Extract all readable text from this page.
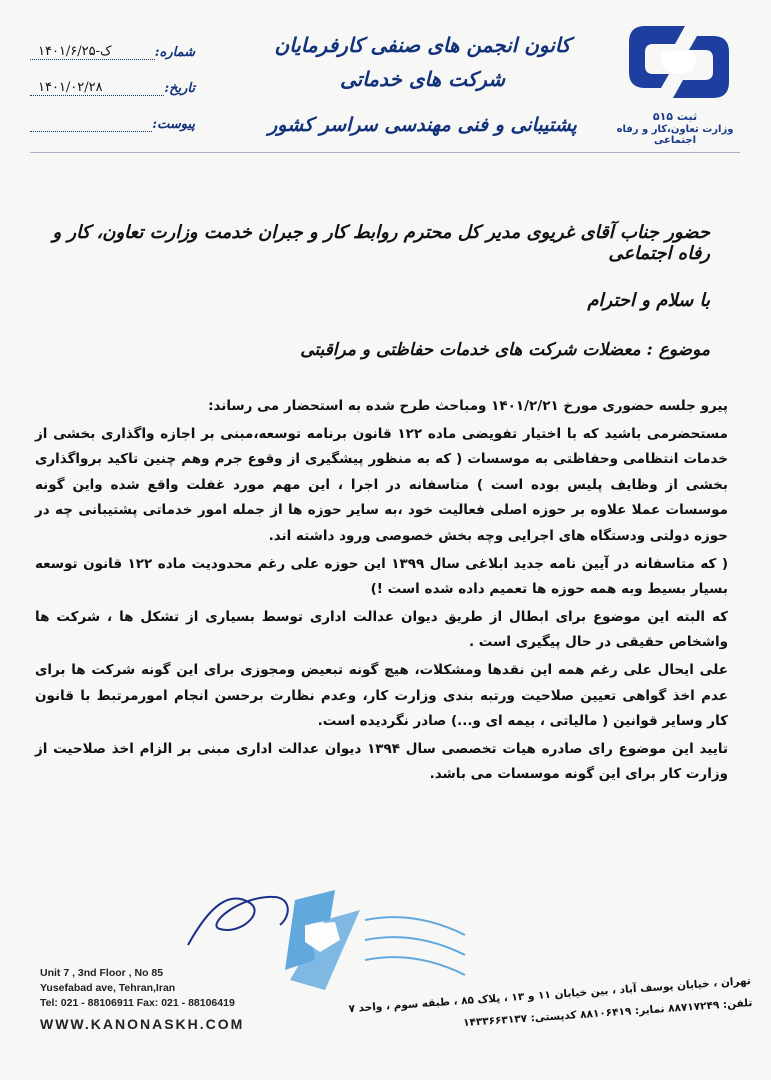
ثبت ۵۱۵
وزارت تعاون،کار و رفاه اجتماعی
کانون انجمن های صنفی کارفرمایان شرکت های خدماتی
پشتیبانی و فنی مهندسی سراسر کشور
شماره:
۱۴۰۱/۶/ک-۲۵
تاریخ:
۱۴۰۱/۰۲/۲۸
پیوست:
حضور جناب آقای غریوی مدیر کل محترم روابط کار و جبران خدمت وزارت تعاون، کار و رفاه اجتماعی
با سلام و احترام
موضوع : معضلات شرکت های خدمات حفاظتی و مراقبتی

پیرو جلسه حضوری مورخ ۱۴۰۱/۲/۲۱ ومباحث طرح شده به استحضار می رساند:

مستحضرمی باشید که با اختیار تفویضی ماده ۱۲۲ قانون برنامه توسعه،مبنی بر اجازه واگذاری بخشی از خدمات انتظامی وحفاظتی به موسسات ( که به منظور پیشگیری از وقوع جرم وهم چنین تاکید برواگذاری بخشی از وظایف پلیس بوده است ) متاسفانه در اجرا ، این مهم مورد غفلت واقع شده واین گونه موسسات عملا علاوه بر حوزه اصلی فعالیت خود ،به سایر حوزه ها از جمله امور خدماتی پشتیبانی چه در حوزه دولتی ودستگاه های اجرایی وچه بخش خصوصی ورود داشته اند.

( که متاسفانه در آیین نامه جدید ابلاغی سال ۱۳۹۹ این حوزه علی رغم محدودیت ماده ۱۲۲ قانون توسعه بسیار بسیط وبه همه حوزه ها تعمیم داده شده است !)

که البته این موضوع برای ابطال از طریق دیوان عدالت اداری توسط بسیاری از تشکل ها ، شرکت ها واشخاص حقیقی در حال پیگیری است .

علی ایحال علی رغم همه این نقدها ومشکلات، هیچ گونه تبعیض ومجوزی برای این گونه شرکت ها برای عدم اخذ گواهی تعیین صلاحیت ورتبه بندی وزارت کار، وعدم نظارت برحسن انجام امورمرتبط با قانون کار وسایر قوانین ( مالیاتی ، بیمه ای و...) صادر نگردیده است.

تایید این موضوع رای صادره هیات تخصصی سال ۱۳۹۴ دیوان عدالت اداری مبنی بر الزام اخذ صلاحیت از وزارت کار برای این گونه موسسات می باشد.

Unit 7 , 3nd Floor , No 85
Yusefabad ave, Tehran,Iran
Tel: 021 - 88106911 Fax: 021 - 88106419
WWW.KANONASKH.COM
تهران ، خیابان یوسف آباد ، بین خیابان ۱۱ و ۱۳ ، پلاک ۸۵ ، طبقه سوم ، واحد ۷
تلفن: ۸۸۷۱۷۲۴۹ نمابر: ۸۸۱۰۶۴۱۹ کدپستی: ۱۴۳۳۶۶۳۱۳۷
